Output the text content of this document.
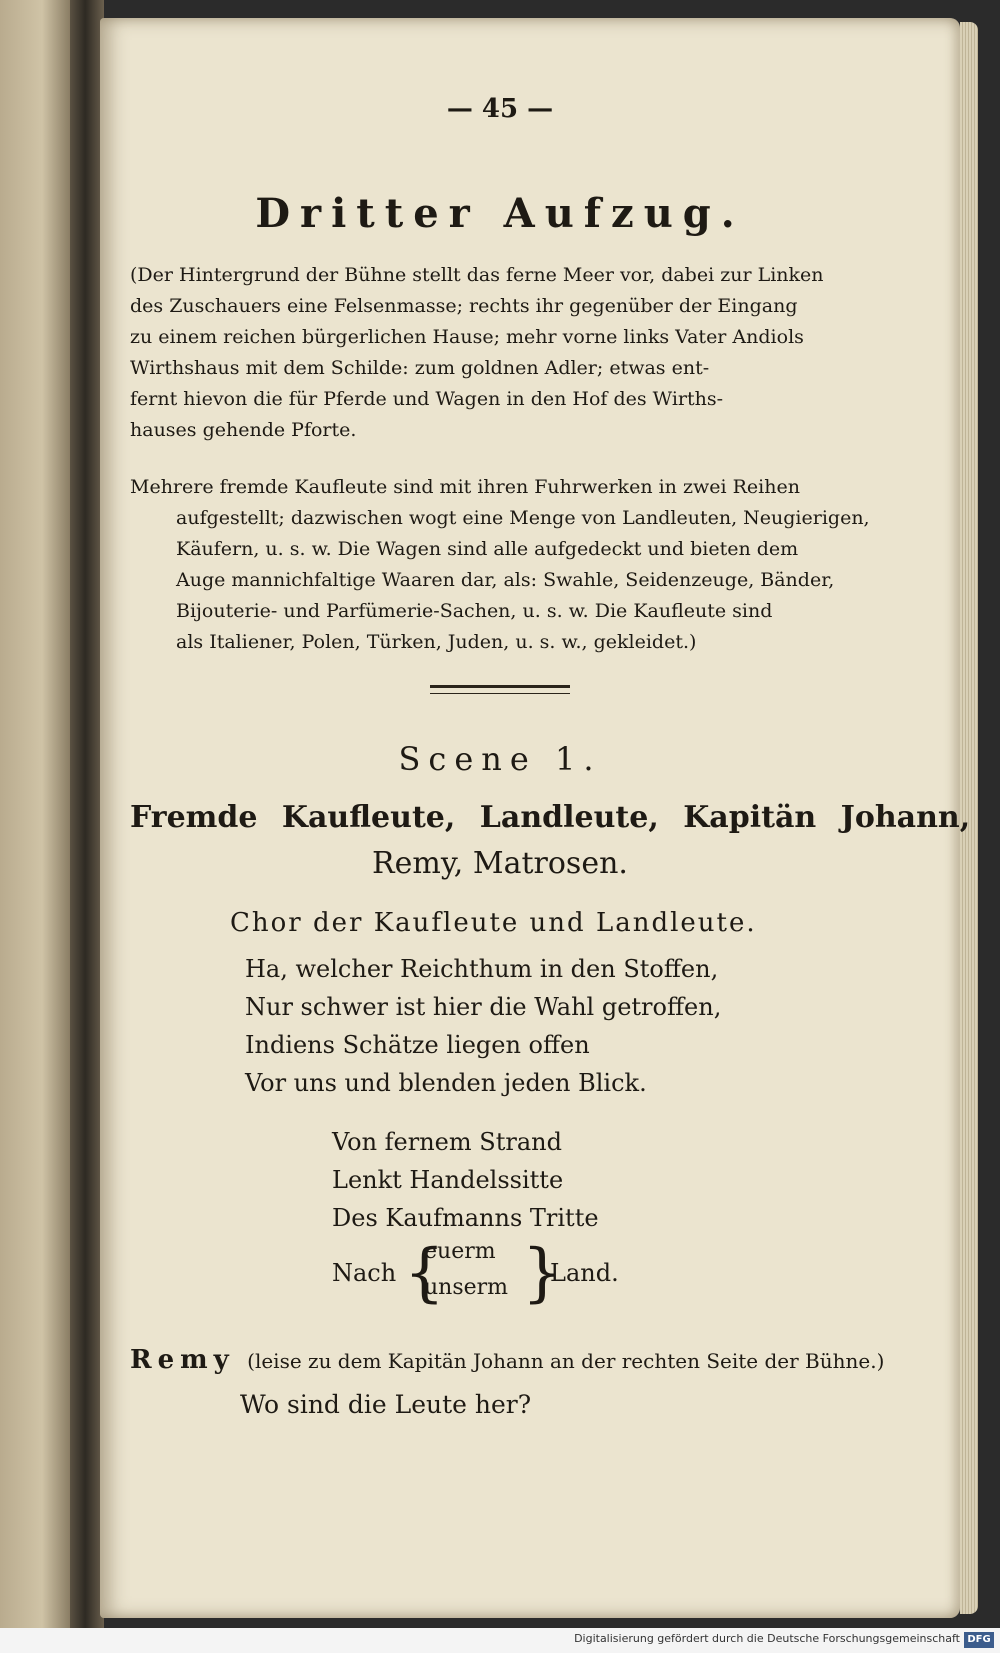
— 45 —
Dritter Aufzug.
(Der Hintergrund der Bühne stellt das ferne Meer vor, dabei zur Linken
des Zuschauers eine Felsenmasse; rechts ihr gegenüber der Eingang
zu einem reichen bürgerlichen Hause; mehr vorne links Vater Andiols
Wirthshaus mit dem Schilde: zum goldnen Adler; etwas ent-
fernt hievon die für Pferde und Wagen in den Hof des Wirths-
hauses gehende Pforte.
Mehrere fremde Kaufleute sind mit ihren Fuhrwerken in zwei Reihen
aufgestellt; dazwischen wogt eine Menge von Landleuten, Neugierigen,
Käufern, u. s. w. Die Wagen sind alle aufgedeckt und bieten dem
Auge mannichfaltige Waaren dar, als: Swahle, Seidenzeuge, Bänder,
Bijouterie- und Parfümerie-Sachen, u. s. w. Die Kaufleute sind
als Italiener, Polen, Türken, Juden, u. s. w., gekleidet.)
Scene 1.
Fremde Kaufleute, Landleute, Kapitän Johann,
Remy, Matrosen.
Chor der Kaufleute und Landleute.
Ha, welcher Reichthum in den Stoffen,
Nur schwer ist hier die Wahl getroffen,
Indiens Schätze liegen offen
Vor uns und blenden jeden Blick.
Von fernem Strand
Lenkt Handelssitte
Des Kaufmanns Tritte
Nach {
euerm
unserm }
Land.
Remy (leise zu dem Kapitän Johann an der rechten Seite der Bühne.)
Wo sind die Leute her?
Digitalisierung gefördert durch die Deutsche Forschungsgemeinschaft DFG
